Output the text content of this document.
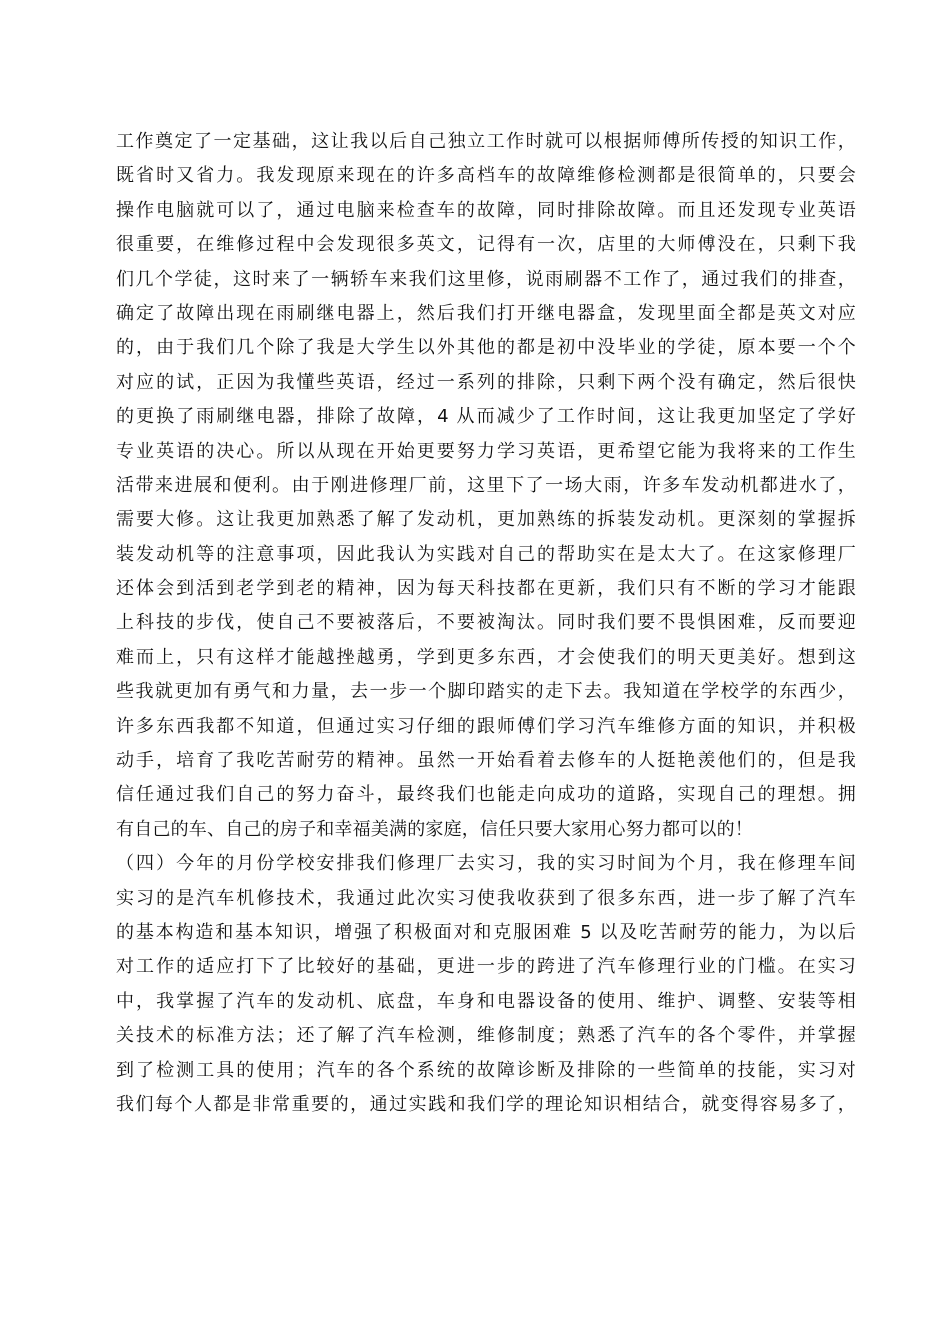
工作奠定了一定基础，这让我以后自己独立工作时就可以根据师傅所传授的知识工作，
既省时又省力。我发现原来现在的许多高档车的故障维修检测都是很简单的，只要会
操作电脑就可以了，通过电脑来检查车的故障，同时排除故障。而且还发现专业英语
很重要，在维修过程中会发现很多英文，记得有一次，店里的大师傅没在，只剩下我
们几个学徒，这时来了一辆轿车来我们这里修，说雨刷器不工作了，通过我们的排查，
确定了故障出现在雨刷继电器上，然后我们打开继电器盒，发现里面全都是英文对应
的，由于我们几个除了我是大学生以外其他的都是初中没毕业的学徒，原本要一个个
对应的试，正因为我懂些英语，经过一系列的排除，只剩下两个没有确定，然后很快
的更换了雨刷继电器，排除了故障，4 从而减少了工作时间，这让我更加坚定了学好
专业英语的决心。所以从现在开始更要努力学习英语，更希望它能为我将来的工作生
活带来进展和便利。由于刚进修理厂前，这里下了一场大雨，许多车发动机都进水了，
需要大修。这让我更加熟悉了解了发动机，更加熟练的拆装发动机。更深刻的掌握拆
装发动机等的注意事项，因此我认为实践对自己的帮助实在是太大了。在这家修理厂
还体会到活到老学到老的精神，因为每天科技都在更新，我们只有不断的学习才能跟
上科技的步伐，使自己不要被落后，不要被淘汰。同时我们要不畏惧困难，反而要迎
难而上，只有这样才能越挫越勇，学到更多东西，才会使我们的明天更美好。想到这
些我就更加有勇气和力量，去一步一个脚印踏实的走下去。我知道在学校学的东西少，
许多东西我都不知道，但通过实习仔细的跟师傅们学习汽车维修方面的知识，并积极
动手，培育了我吃苦耐劳的精神。虽然一开始看着去修车的人挺艳羡他们的，但是我
信任通过我们自己的努力奋斗，最终我们也能走向成功的道路，实现自己的理想。拥
有自己的车、自己的房子和幸福美满的家庭，信任只要大家用心努力都可以的！
（四）今年的月份学校安排我们修理厂去实习，我的实习时间为个月，我在修理车间
实习的是汽车机修技术，我通过此次实习使我收获到了很多东西，进一步了解了汽车
的基本构造和基本知识，增强了积极面对和克服困难 5 以及吃苦耐劳的能力，为以后
对工作的适应打下了比较好的基础，更进一步的跨进了汽车修理行业的门槛。在实习
中，我掌握了汽车的发动机、底盘，车身和电器设备的使用、维护、调整、安装等相
关技术的标准方法；还了解了汽车检测，维修制度；熟悉了汽车的各个零件，并掌握
到了检测工具的使用；汽车的各个系统的故障诊断及排除的一些简单的技能，实习对
我们每个人都是非常重要的，通过实践和我们学的理论知识相结合，就变得容易多了，
